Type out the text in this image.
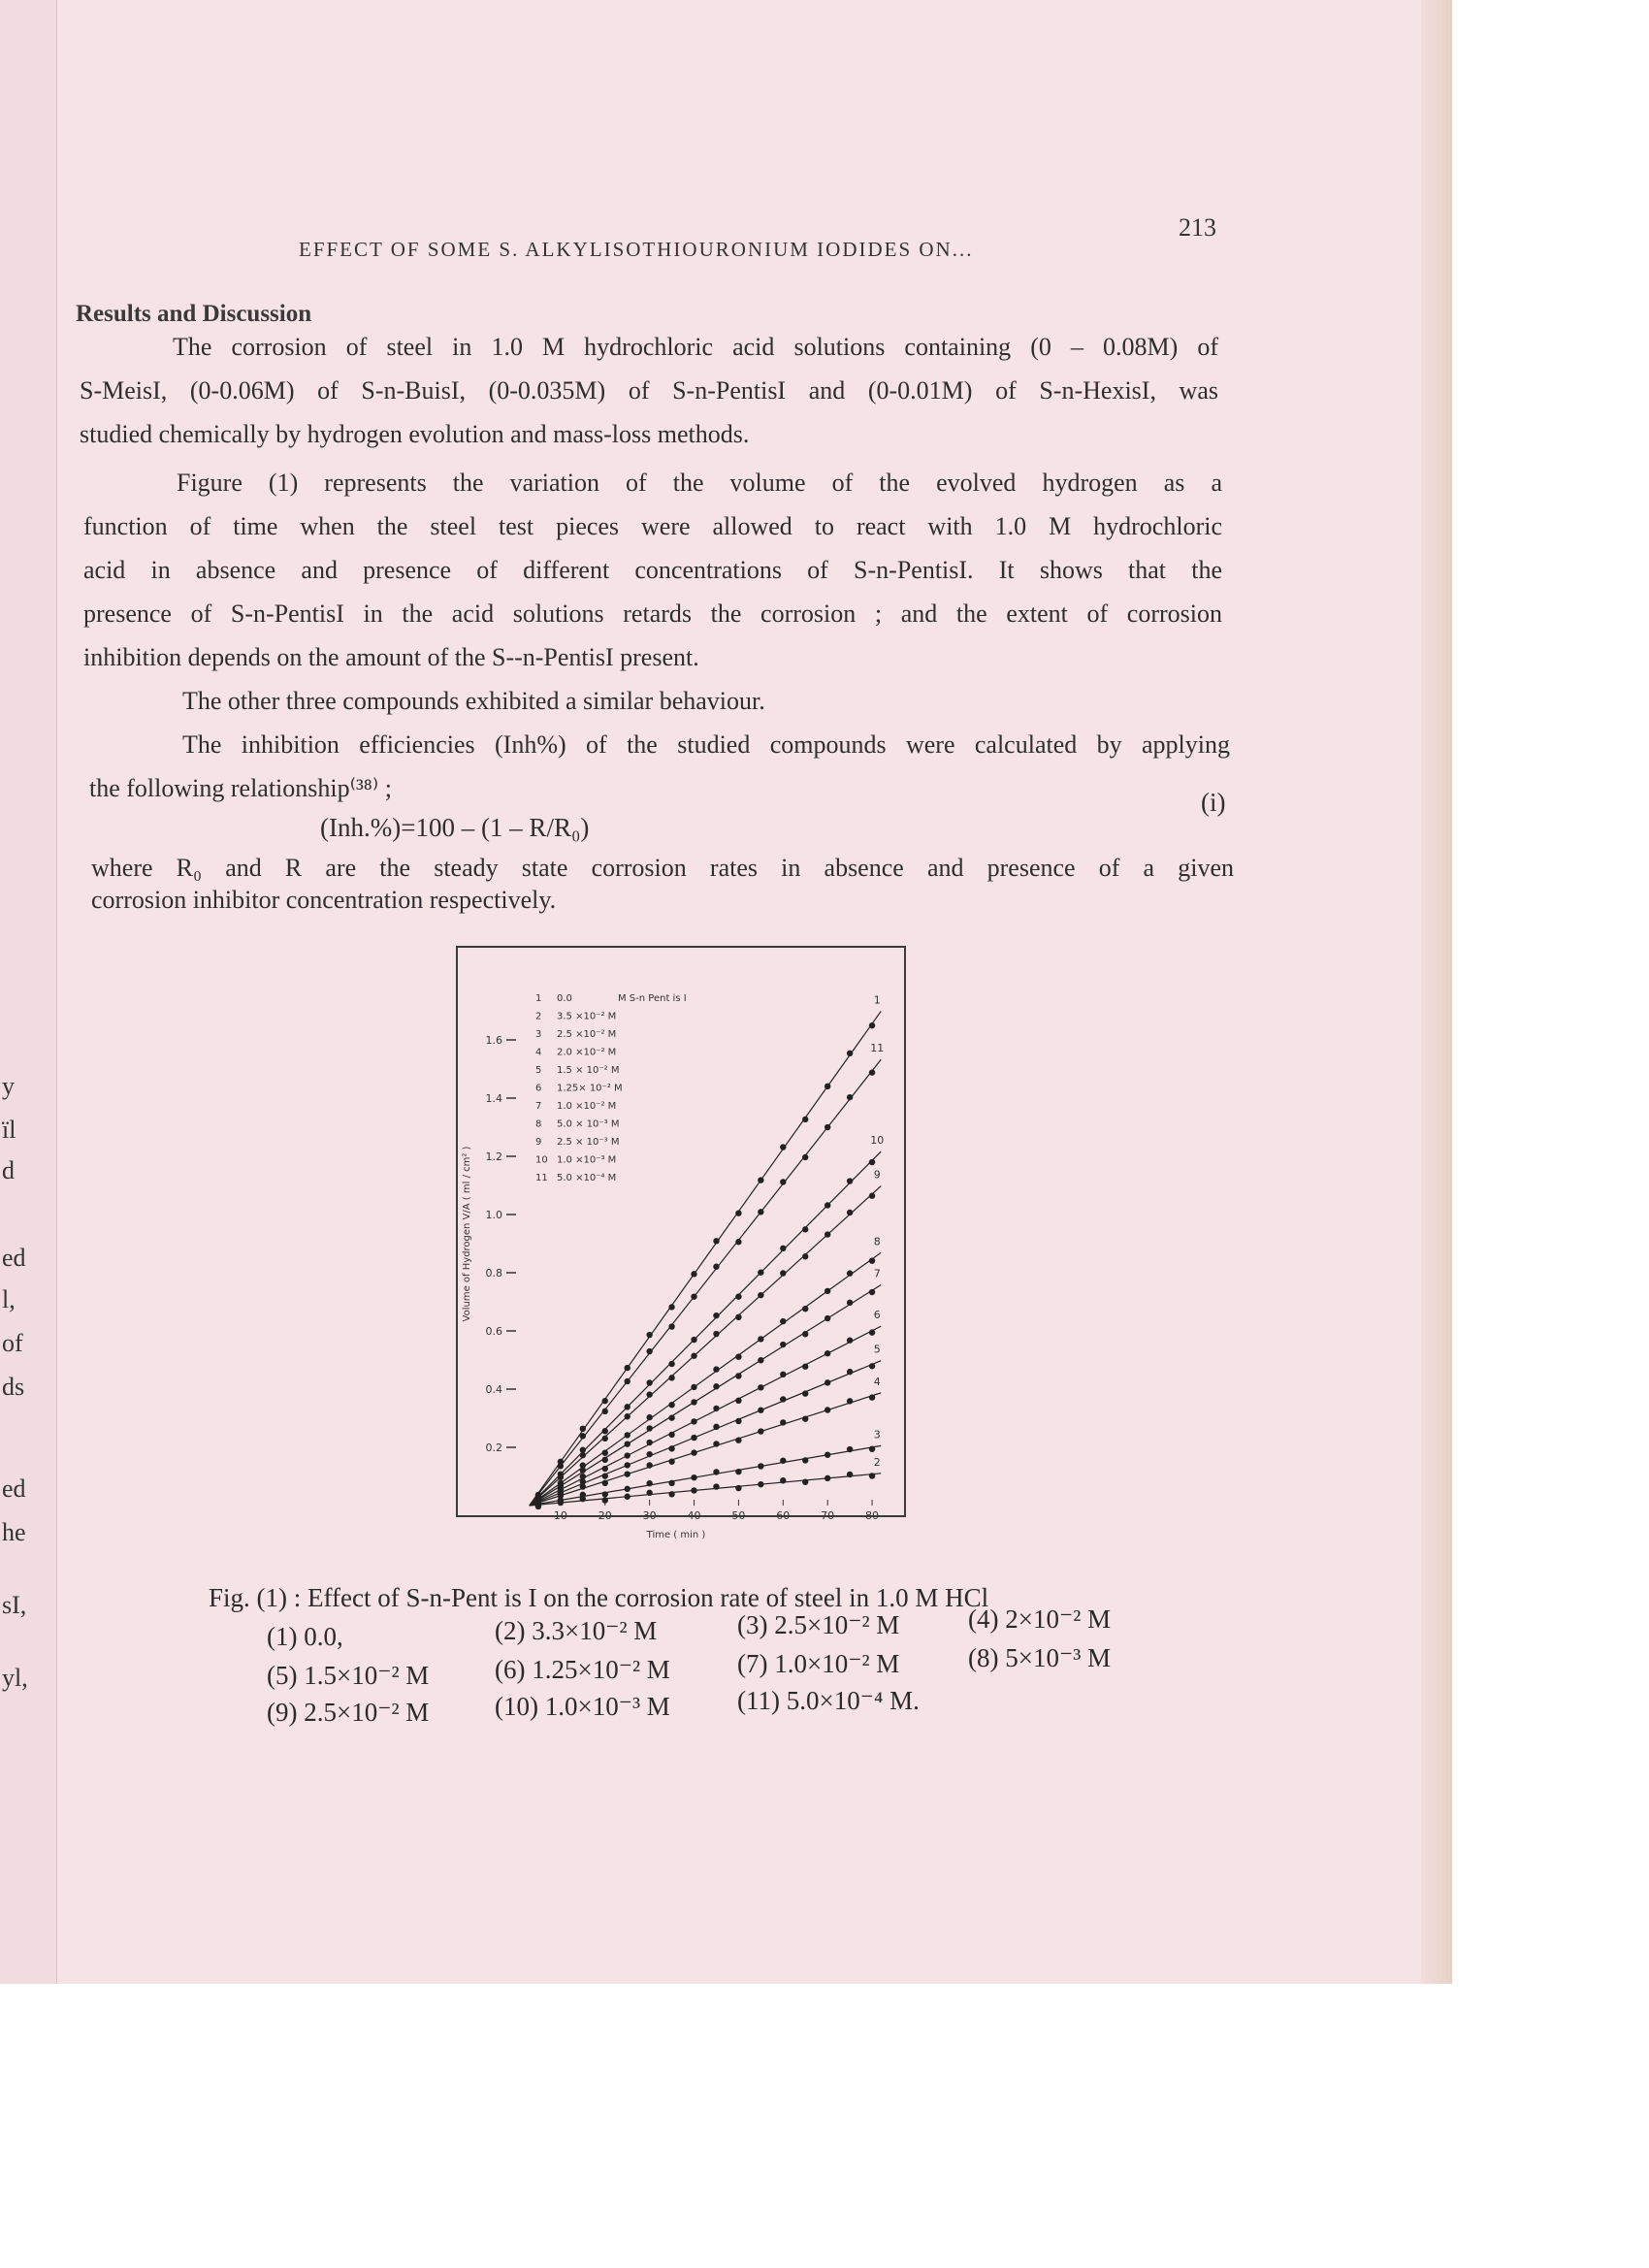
y
ïl
d
ed
l,
of
ds
ed
he
sI,
yl,
EFFECT OF SOME S. ALKYLISOTHIOURONIUM IODIDES ON...
213
Results and Discussion
The corrosion of steel in 1.0 M hydrochloric acid solutions containing (0 – 0.08M) of
S-MeisI, (0-0.06M) of S-n-BuisI, (0-0.035M) of S-n-PentisI and (0-0.01M) of S-n-HexisI, was
studied chemically by hydrogen evolution and mass-loss methods.
Figure (1) represents the variation of the volume of the evolved hydrogen as a
function of time when the steel test pieces were allowed to react with 1.0 M hydrochloric
acid in absence and presence of different concentrations of S-n-PentisI. It shows that the
presence of S-n-PentisI in the acid solutions retards the corrosion ; and the extent of corrosion
inhibition depends on the amount of the S--n-PentisI present.
The other three compounds exhibited a similar behaviour.
The inhibition efficiencies (Inh%) of the studied compounds were calculated by applying
the following relationship⁽³⁸⁾ ;	(i)
(Inh.%)=100 – (1 – R/R₀)
where R₀ and R are the steady state corrosion rates in absence and presence of a given
corrosion inhibitor concentration respectively.
0.2
0.4
0.6
0.8
1.0
1.2
1.4
1.6
10	20	30	40	50	60	70	80
Time ( min )
Volume of Hydrogen V/A ( ml / cm² )
1 0.0	M S-n Pent is I
2 3.5 ×10⁻² M
3 2.5 ×10⁻² M
4 2.0 ×10⁻² M
5 1.5 × 10⁻² M
6 1.25× 10⁻² M
7 1.0 ×10⁻² M
8 5.0 × 10⁻³ M
9 2.5 × 10⁻³ M
10 1.0 ×10⁻³ M
11 5.0 ×10⁻⁴ M
1
11
10
9
8
7
6
5
4
3
2
Fig. (1) : Effect of S-n-Pent is I on the corrosion rate of steel in 1.0 M HCl
(1) 0.0,	(2) 3.3×10⁻² M	(3) 2.5×10⁻² M	(4) 2×10⁻² M
(5) 1.5×10⁻² M	(6) 1.25×10⁻² M	(7) 1.0×10⁻² M	(8) 5×10⁻³ M
(9) 2.5×10⁻² M	(10) 1.0×10⁻³ M	(11) 5.0×10⁻⁴ M.
